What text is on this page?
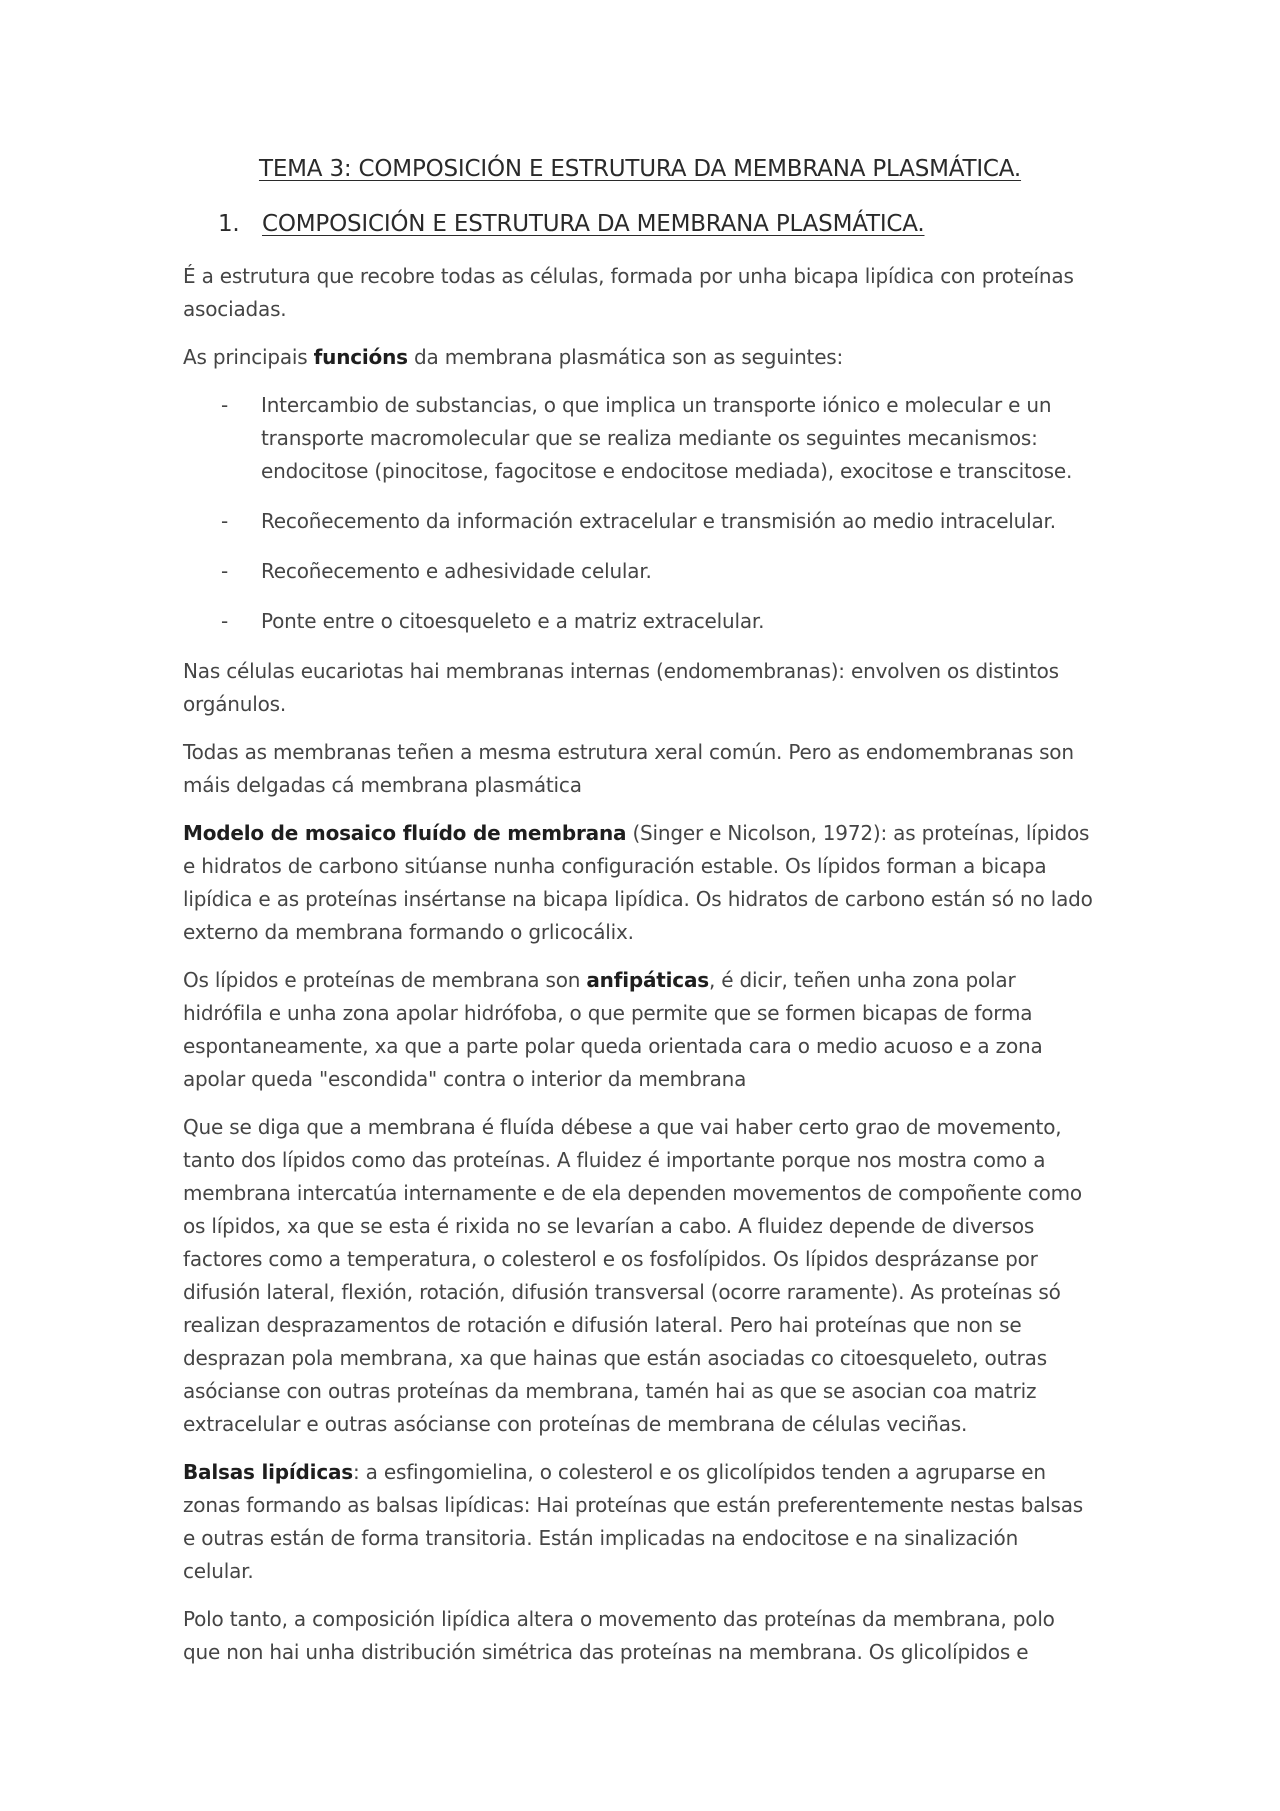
TEMA 3: COMPOSICIÓN E ESTRUTURA DA MEMBRANA PLASMÁTICA.
1. COMPOSICIÓN E ESTRUTURA DA MEMBRANA PLASMÁTICA.

É a estrutura que recobre todas as células, formada por unha bicapa lipídica con proteínas asociadas.

As principais funcións da membrana plasmática son as seguintes:

- Intercambio de substancias, o que implica un transporte iónico e molecular e un transporte macromolecular que se realiza mediante os seguintes mecanismos: endocitose (pinocitose, fagocitose e endocitose mediada), exocitose e transcitose.
- Recoñecemento da información extracelular e transmisión ao medio intracelular.
- Recoñecemento e adhesividade celular.
- Ponte entre o citoesqueleto e a matriz extracelular.

Nas células eucariotas hai membranas internas (endomembranas): envolven os distintos orgánulos.

Todas as membranas teñen a mesma estrutura xeral común. Pero as endomembranas son máis delgadas cá membrana plasmática

Modelo de mosaico fluído de membrana (Singer e Nicolson, 1972): as proteínas, lípidos e hidratos de carbono sitúanse nunha configuración estable. Os lípidos forman a bicapa lipídica e as proteínas insértanse na bicapa lipídica. Os hidratos de carbono están só no lado externo da membrana formando o grlicocálix.

Os lípidos e proteínas de membrana son anfipáticas, é dicir, teñen unha zona polar hidrófila e unha zona apolar hidrófoba, o que permite que se formen bicapas de forma espontaneamente, xa que a parte polar queda orientada cara o medio acuoso e a zona apolar queda "escondida" contra o interior da membrana

Que se diga que a membrana é fluída débese a que vai haber certo grao de movemento, tanto dos lípidos como das proteínas. A fluidez é importante porque nos mostra como a membrana intercatúa internamente e de ela dependen movementos de compoñente como os lípidos, xa que se esta é rixida no se levarían a cabo. A fluidez depende de diversos factores como a temperatura, o colesterol e os fosfolípidos. Os lípidos desprázanse por difusión lateral, flexión, rotación, difusión transversal (ocorre raramente). As proteínas só realizan desprazamentos de rotación e difusión lateral. Pero hai proteínas que non se desprazan pola membrana, xa que hainas que están asociadas co citoesqueleto, outras asócianse con outras proteínas da membrana, tamén hai as que se asocian coa matriz extracelular e outras asócianse con proteínas de membrana de células veciñas.

Balsas lipídicas: a esfingomielina, o colesterol e os glicolípidos tenden a agruparse en zonas formando as balsas lipídicas: Hai proteínas que están preferentemente nestas balsas e outras están de forma transitoria. Están implicadas na endocitose e na sinalización celular.

Polo tanto, a composición lipídica altera o movemento das proteínas da membrana, polo que non hai unha distribución simétrica das proteínas na membrana. Os glicolípidos e
